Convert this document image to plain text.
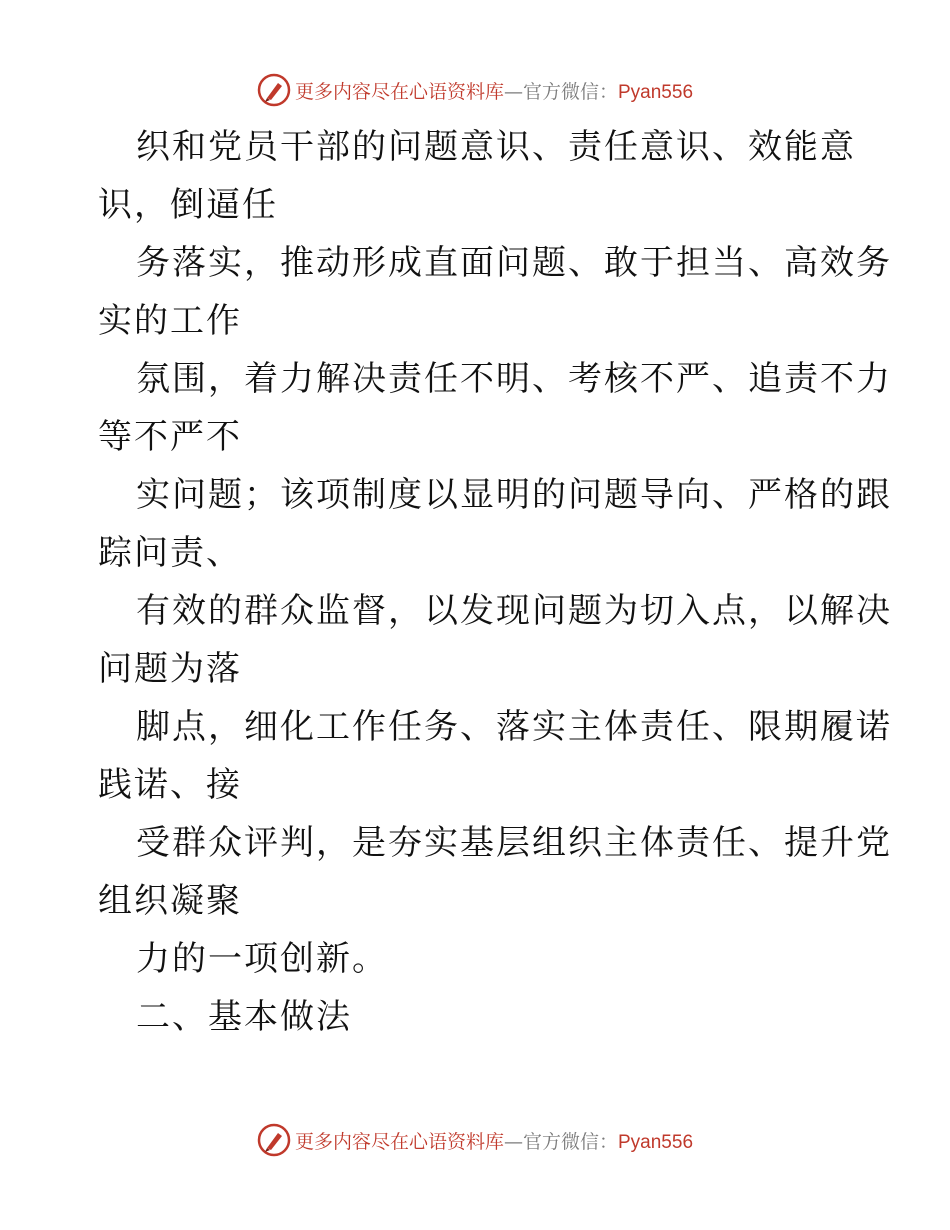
更多内容尽在心语资料库—官方微信：Pyan556
织和党员干部的问题意识、责任意识、效能意
识，倒逼任
务落实，推动形成直面问题、敢于担当、高效务
实的工作
氛围，着力解决责任不明、考核不严、追责不力
等不严不
实问题；该项制度以显明的问题导向、严格的跟
踪问责、
有效的群众监督，以发现问题为切入点，以解决
问题为落
脚点，细化工作任务、落实主体责任、限期履诺
践诺、接
受群众评判，是夯实基层组织主体责任、提升党
组织凝聚
力的一项创新。
二、基本做法
更多内容尽在心语资料库—官方微信：Pyan556
